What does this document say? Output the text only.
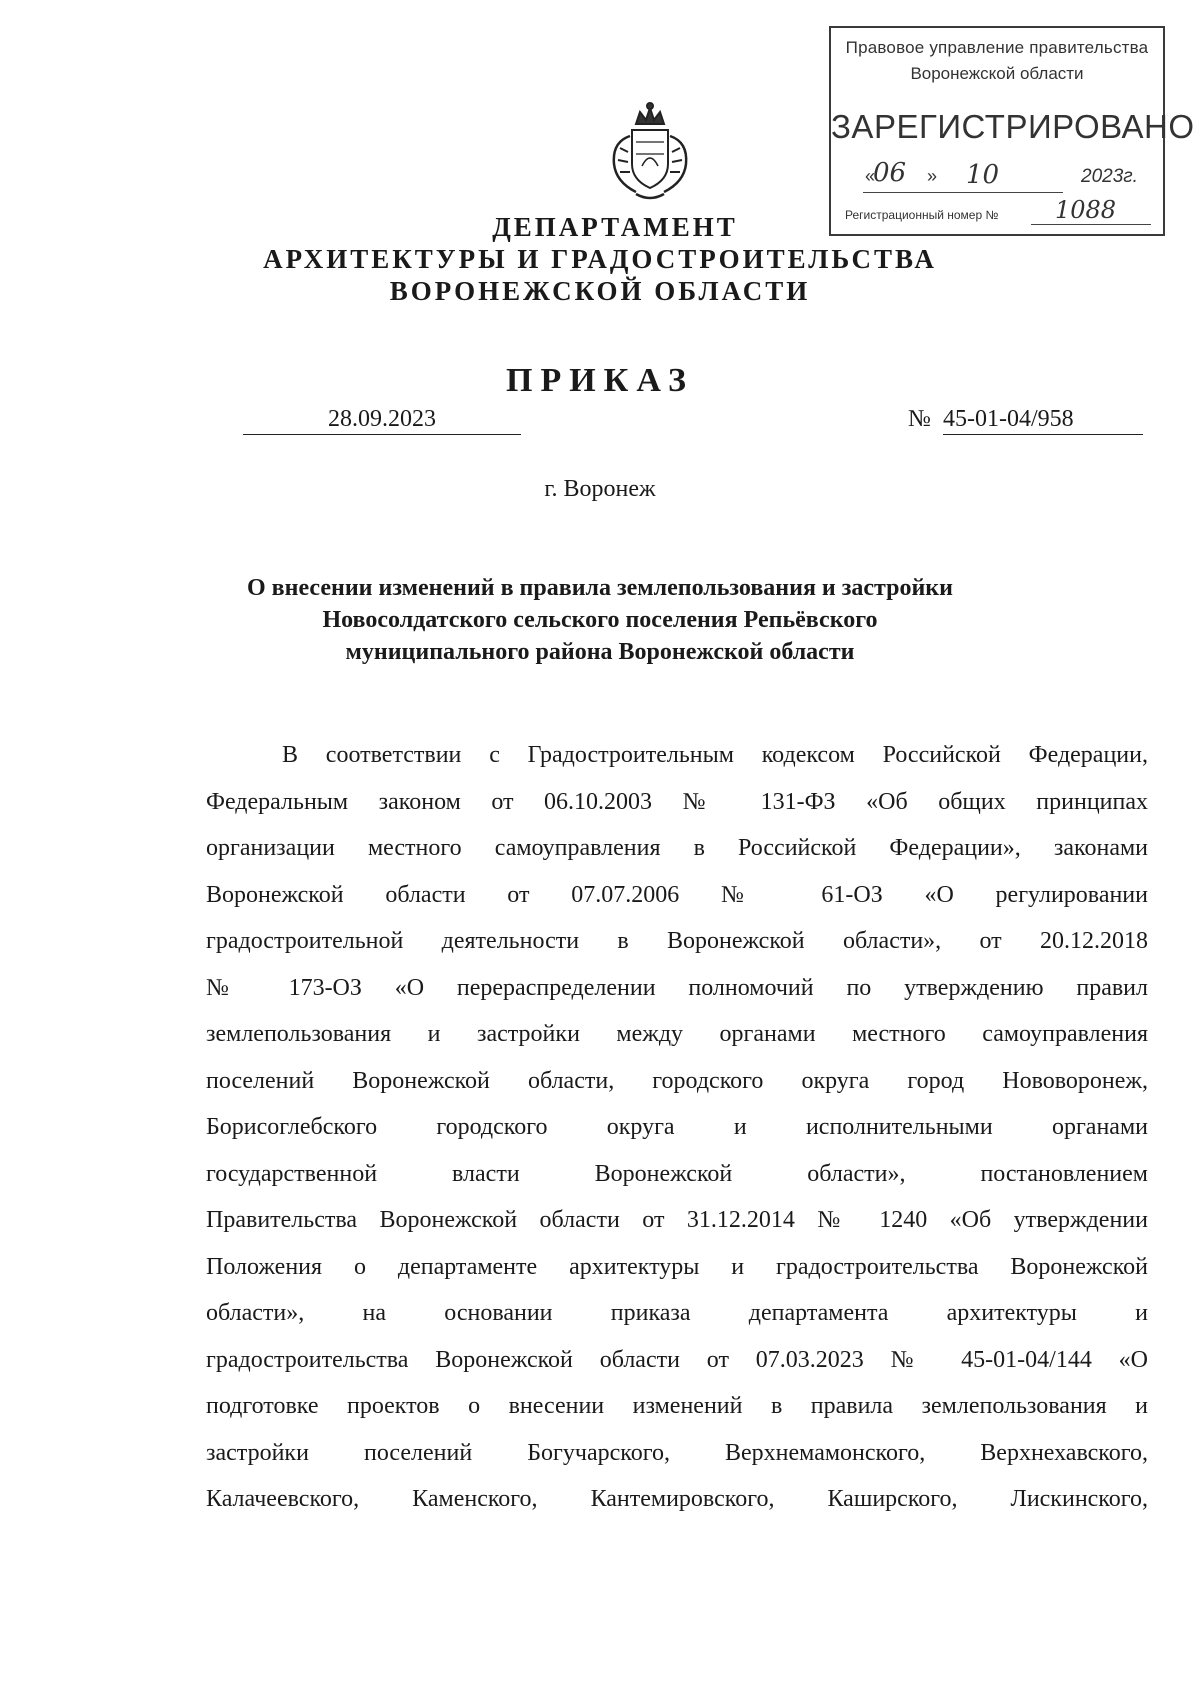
Правовое управление правительства
Воронежской области
ЗАРЕГИСТРИРОВАНО
«
06 » 10	2023г.
Регистрационный номер № 1088
ДЕПАРТАМЕНТ
АРХИТЕКТУРЫ И ГРАДОСТРОИТЕЛЬСТВА
ВОРОНЕЖСКОЙ ОБЛАСТИ
ПРИКАЗ
28.09.2023	№ 45-01-04/958
г. Воронеж
О внесении изменений в правила землепользования и застройки
Новосолдатского сельского поселения Репьёвского
муниципального района Воронежской области
В соответствии с Градостроительным кодексом Российской Федерации,
Федеральным законом от 06.10.2003 № 131-ФЗ «Об общих принципах
организации местного самоуправления в Российской Федерации», законами
Воронежской области от 07.07.2006 № 61-ОЗ «О регулировании
градостроительной деятельности в Воронежской области», от 20.12.2018
№ 173-ОЗ «О перераспределении полномочий по утверждению правил
землепользования и застройки между органами местного самоуправления
поселений Воронежской области, городского округа город Нововоронеж,
Борисоглебского городского округа и исполнительными органами
государственной власти Воронежской области», постановлением
Правительства Воронежской области от 31.12.2014 № 1240 «Об утверждении
Положения о департаменте архитектуры и градостроительства Воронежской
области», на основании приказа департамента архитектуры и
градостроительства Воронежской области от 07.03.2023 № 45-01-04/144 «О
подготовке проектов о внесении изменений в правила землепользования и
застройки поселений Богучарского, Верхнемамонского, Верхнехавского,
Калачеевского, Каменского, Кантемировского, Каширского, Лискинского,
